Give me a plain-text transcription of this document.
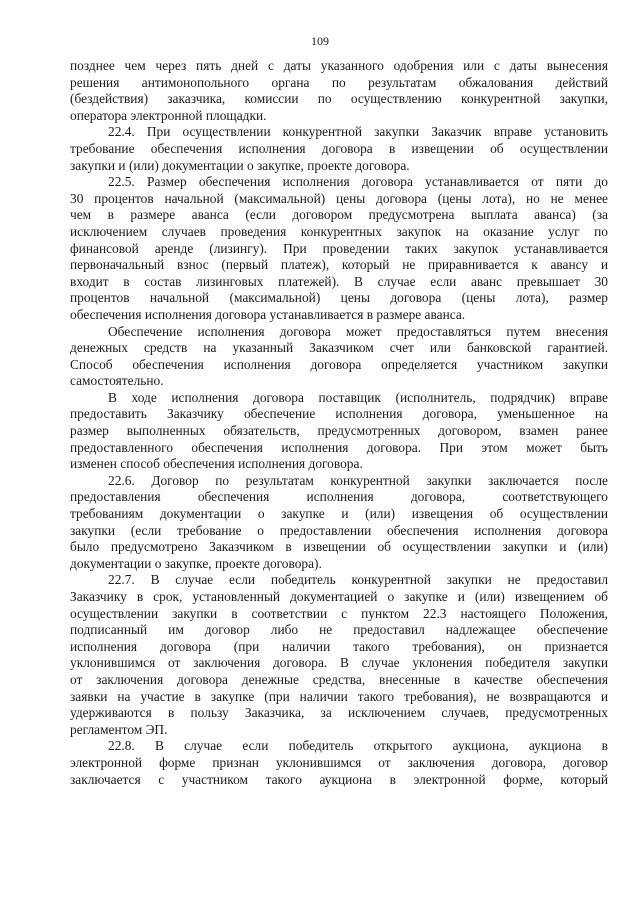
109
позднее чем через пять дней с даты указанного одобрения или с даты вынесения
решения антимонопольного органа по результатам обжалования действий
(бездействия) заказчика, комиссии по осуществлению конкурентной закупки,
оператора электронной площадки.
22.4. При осуществлении конкурентной закупки Заказчик вправе установить
требование обеспечения исполнения договора в извещении об осуществлении
закупки и (или) документации о закупке, проекте договора.
22.5. Размер обеспечения исполнения договора устанавливается от пяти до
30 процентов начальной (максимальной) цены договора (цены лота), но не менее
чем в размере аванса (если договором предусмотрена выплата аванса) (за
исключением случаев проведения конкурентных закупок на оказание услуг по
финансовой аренде (лизингу). При проведении таких закупок устанавливается
первоначальный взнос (первый платеж), который не приравнивается к авансу и
входит в состав лизинговых платежей). В случае если аванс превышает 30
процентов начальной (максимальной) цены договора (цены лота), размер
обеспечения исполнения договора устанавливается в размере аванса.
Обеспечение исполнения договора может предоставляться путем внесения
денежных средств на указанный Заказчиком счет или банковской гарантией.
Способ обеспечения исполнения договора определяется участником закупки
самостоятельно.
В ходе исполнения договора поставщик (исполнитель, подрядчик) вправе
предоставить Заказчику обеспечение исполнения договора, уменьшенное на
размер выполненных обязательств, предусмотренных договором, взамен ранее
предоставленного обеспечения исполнения договора. При этом может быть
изменен способ обеспечения исполнения договора.
22.6. Договор по результатам конкурентной закупки заключается после
предоставления обеспечения исполнения договора, соответствующего
требованиям документации о закупке и (или) извещения об осуществлении
закупки (если требование о предоставлении обеспечения исполнения договора
было предусмотрено Заказчиком в извещении об осуществлении закупки и (или)
документации о закупке, проекте договора).
22.7. В случае если победитель конкурентной закупки не предоставил
Заказчику в срок, установленный документацией о закупке и (или) извещением об
осуществлении закупки в соответствии с пунктом 22.3 настоящего Положения,
подписанный им договор либо не предоставил надлежащее обеспечение
исполнения договора (при наличии такого требования), он признается
уклонившимся от заключения договора. В случае уклонения победителя закупки
от заключения договора денежные средства, внесенные в качестве обеспечения
заявки на участие в закупке (при наличии такого требования), не возвращаются и
удерживаются в пользу Заказчика, за исключением случаев, предусмотренных
регламентом ЭП.
22.8. В случае если победитель открытого аукциона, аукциона в
электронной форме признан уклонившимся от заключения договора, договор
заключается с участником такого аукциона в электронной форме, который
